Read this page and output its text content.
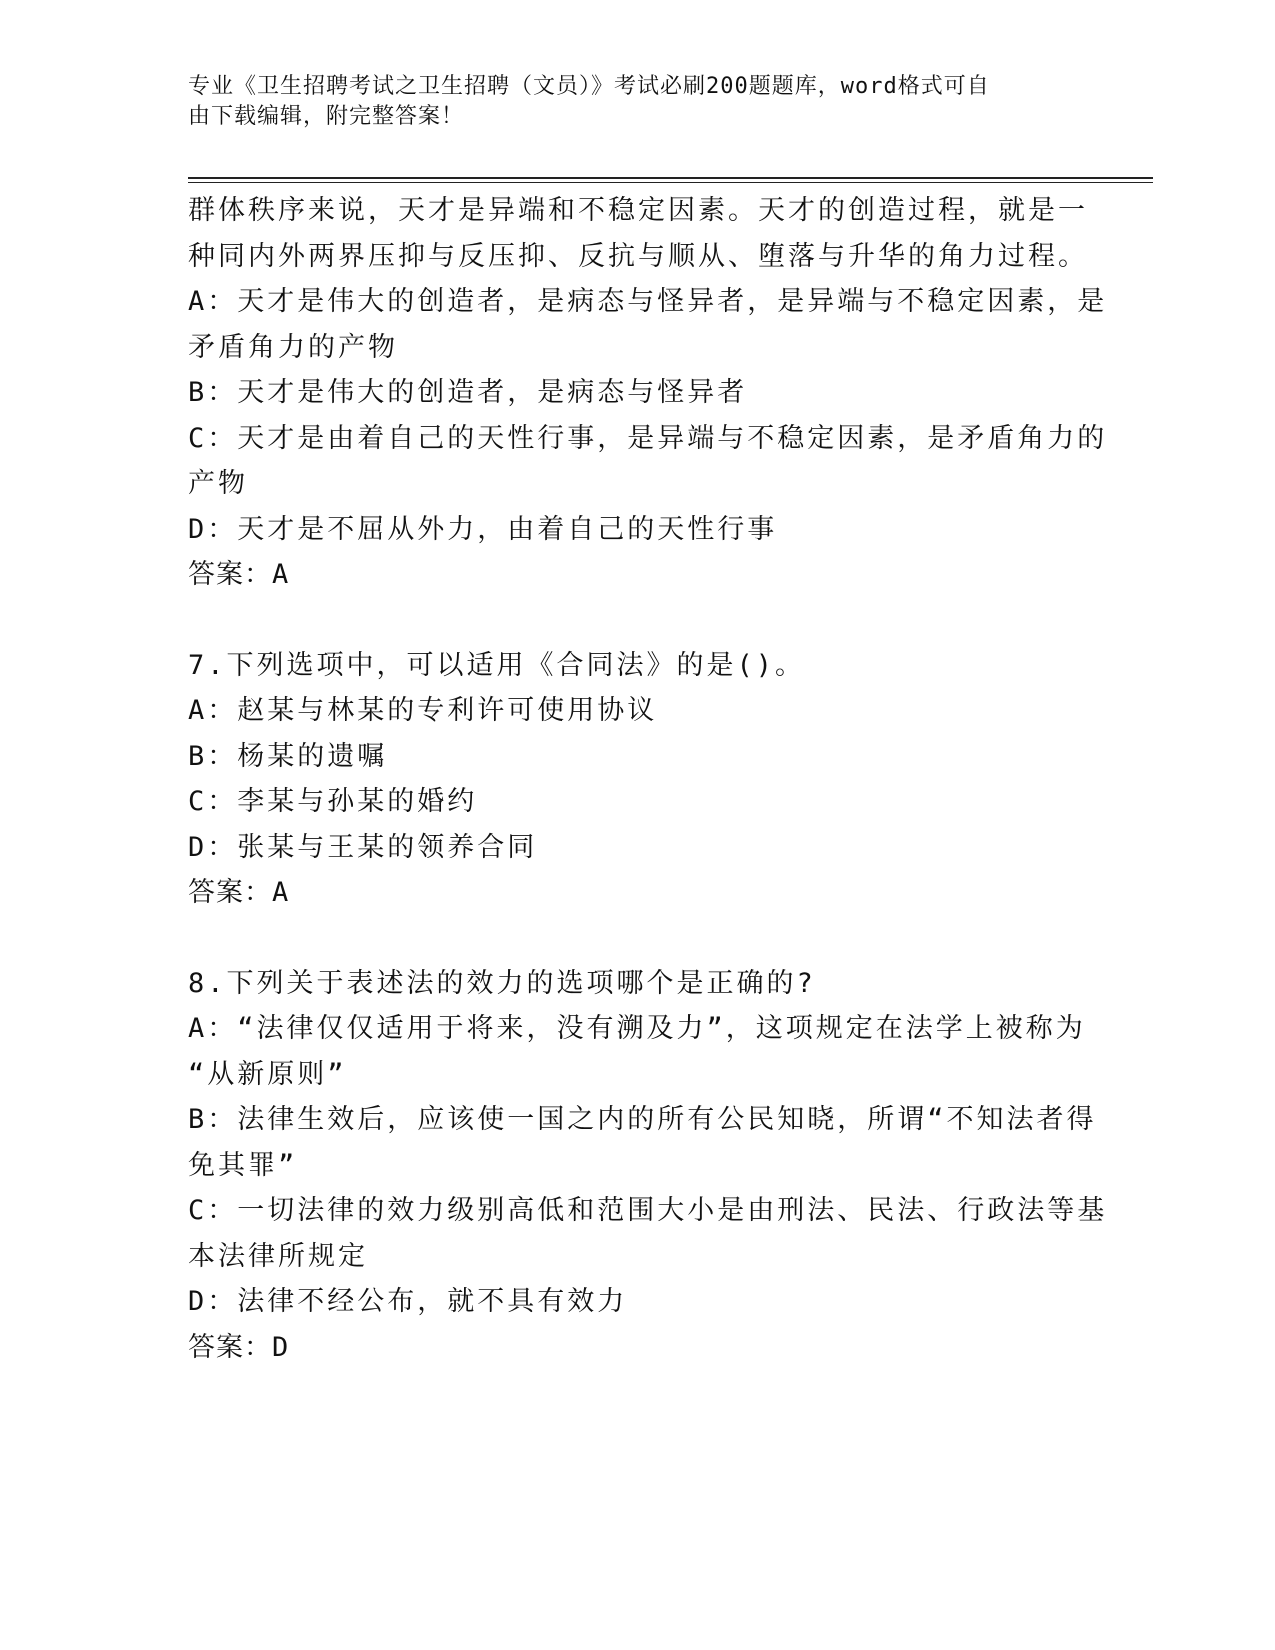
专业《卫生招聘考试之卫生招聘（文员）》考试必刷200题题库，word格式可自
由下载编辑，附完整答案！
群体秩序来说，天才是异端和不稳定因素。天才的创造过程，就是一
种同内外两界压抑与反压抑、反抗与顺从、堕落与升华的角力过程。
A：天才是伟大的创造者，是病态与怪异者，是异端与不稳定因素，是
矛盾角力的产物
B：天才是伟大的创造者，是病态与怪异者
C：天才是由着自己的天性行事，是异端与不稳定因素，是矛盾角力的
产物
D：天才是不屈从外力，由着自己的天性行事
答案：A
7.下列选项中，可以适用《合同法》的是()。
A：赵某与林某的专利许可使用协议
B：杨某的遗嘱
C：李某与孙某的婚约
D：张某与王某的领养合同
答案：A
8.下列关于表述法的效力的选项哪个是正确的?
A：“法律仅仅适用于将来，没有溯及力”，这项规定在法学上被称为
“从新原则”
B：法律生效后，应该使一国之内的所有公民知晓，所谓“不知法者得
免其罪”
C：一切法律的效力级别高低和范围大小是由刑法、民法、行政法等基
本法律所规定
D：法律不经公布，就不具有效力
答案：D
